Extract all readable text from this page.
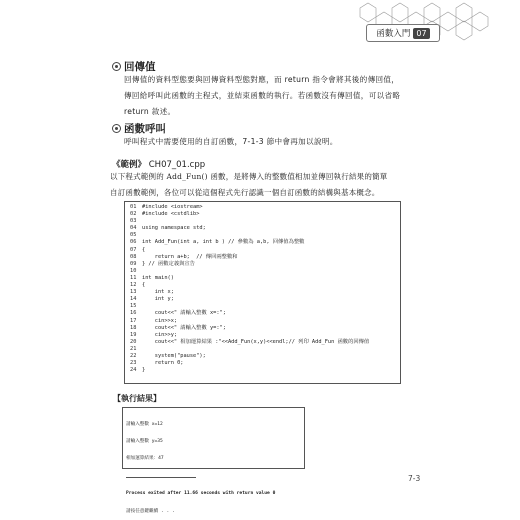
函數入門 07
回傳值
回傳值的資料型態要與回傳資料型態對應，而 return 指令會將其後的傳回值，
傳回給呼叫此函數的主程式，並結束函數的執行。若函數沒有傳回值，可以省略
return 敘述。
函數呼叫
呼叫程式中需要使用的自訂函數，7-1-3 節中會再加以說明。
《範例》 CH07_01.cpp
以下程式範例的 Add_Fun() 函數，是將傳入的整數值相加並傳回執行結果的簡單
自訂函數範例，各位可以從這個程式先行認識一個自訂函數的結構與基本概念。
01	#include <iostream>
02	#include <cstdlib>
03
04	using namespace std;
05
06	int Add_Fun(int a, int b ) // 參數為 a,b, 回傳值為整數
07	{
08	return a+b;  // 傳回兩整數和
09	} // 函數定義與宣告
10
11	int main()
12	{
13	int x;
14	int y;
15
16	cout<<" 請輸入整數 x=:";
17	cin>>x;
18	cout<<" 請輸入整數 y=:";
19	cin>>y;
20	cout<<" 相加運算結果 :"<<Add_Fun(x,y)<<endl;// 列印 Add_Fun 函數的回傳值
21
22	system("pause");
23	return 0;
24	}
【執行結果】

請輸入整數 x=12

請輸入整數 y=35

相加運算結果：47

Process exited after 11.66 seconds with return value 0

請按任意鍵繼續 . . .

7-3
